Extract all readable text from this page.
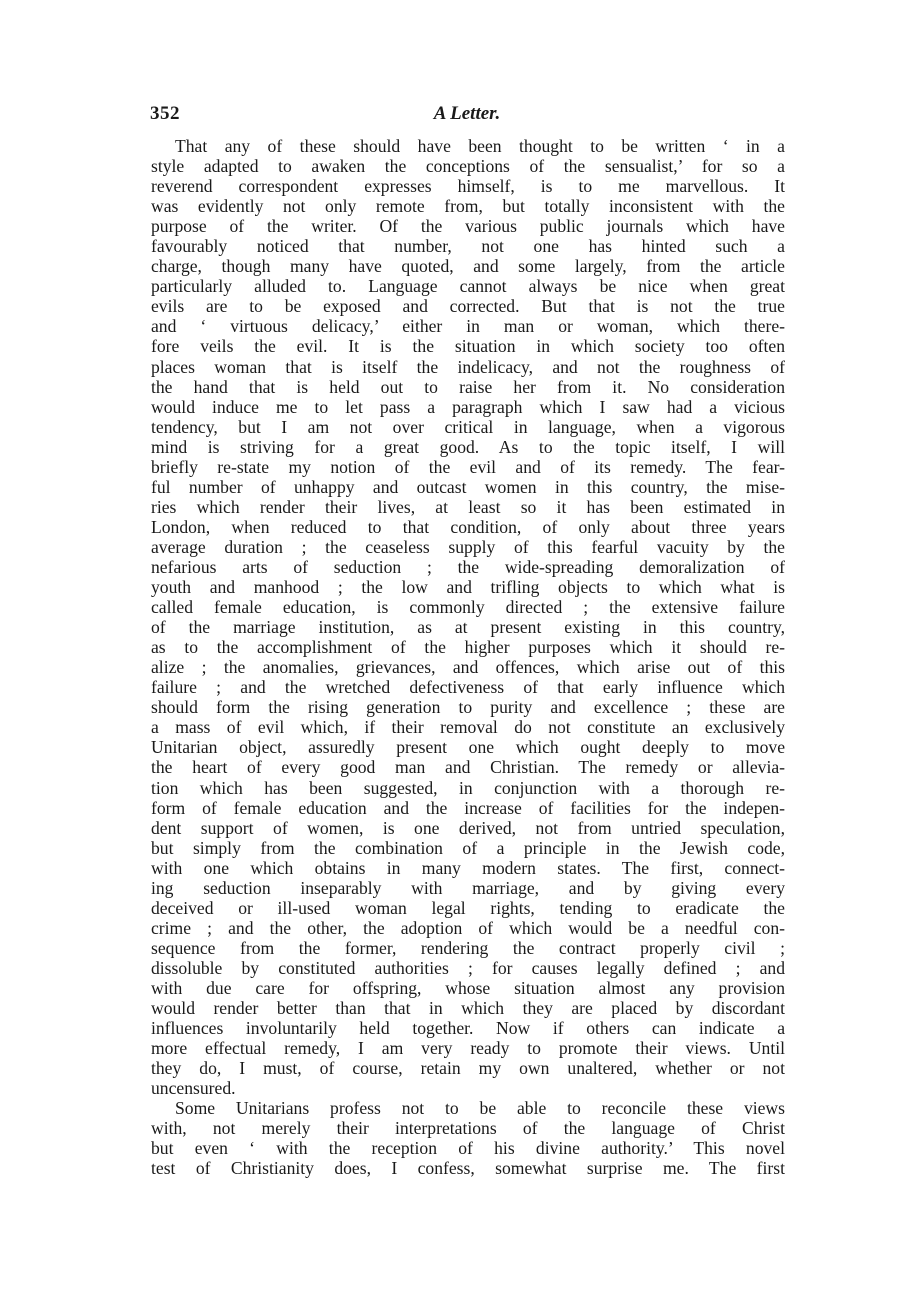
352	A Letter.
That any of these should have been thought to be written ‘ in a
style adapted to awaken the conceptions of the sensualist,’ for so a
reverend correspondent expresses himself, is to me marvellous. It
was evidently not only remote from, but totally inconsistent with the
purpose of the writer. Of the various public journals which have
favourably noticed that number, not one has hinted such a
charge, though many have quoted, and some largely, from the article
particularly alluded to. Language cannot always be nice when great
evils are to be exposed and corrected. But that is not the true
and ‘ virtuous delicacy,’ either in man or woman, which there-
fore veils the evil. It is the situation in which society too often
places woman that is itself the indelicacy, and not the roughness of
the hand that is held out to raise her from it. No consideration
would induce me to let pass a paragraph which I saw had a vicious
tendency, but I am not over critical in language, when a vigorous
mind is striving for a great good. As to the topic itself, I will
briefly re-state my notion of the evil and of its remedy. The fear-
ful number of unhappy and outcast women in this country, the mise-
ries which render their lives, at least so it has been estimated in
London, when reduced to that condition, of only about three years
average duration ; the ceaseless supply of this fearful vacuity by the
nefarious arts of seduction ; the wide-spreading demoralization of
youth and manhood ; the low and trifling objects to which what is
called female education, is commonly directed ; the extensive failure
of the marriage institution, as at present existing in this country,
as to the accomplishment of the higher purposes which it should re-
alize ; the anomalies, grievances, and offences, which arise out of this
failure ; and the wretched defectiveness of that early influence which
should form the rising generation to purity and excellence ; these are
a mass of evil which, if their removal do not constitute an exclusively
Unitarian object, assuredly present one which ought deeply to move
the heart of every good man and Christian. The remedy or allevia-
tion which has been suggested, in conjunction with a thorough re-
form of female education and the increase of facilities for the indepen-
dent support of women, is one derived, not from untried speculation,
but simply from the combination of a principle in the Jewish code,
with one which obtains in many modern states. The first, connect-
ing seduction inseparably with marriage, and by giving every
deceived or ill-used woman legal rights, tending to eradicate the
crime ; and the other, the adoption of which would be a needful con-
sequence from the former, rendering the contract properly civil ;
dissoluble by constituted authorities ; for causes legally defined ; and
with due care for offspring, whose situation almost any provision
would render better than that in which they are placed by discordant
influences involuntarily held together. Now if others can indicate a
more effectual remedy, I am very ready to promote their views. Until
they do, I must, of course, retain my own unaltered, whether or not
uncensured.
Some Unitarians profess not to be able to reconcile these views
with, not merely their interpretations of the language of Christ
but even ‘ with the reception of his divine authority.’ This novel
test of Christianity does, I confess, somewhat surprise me. The first
